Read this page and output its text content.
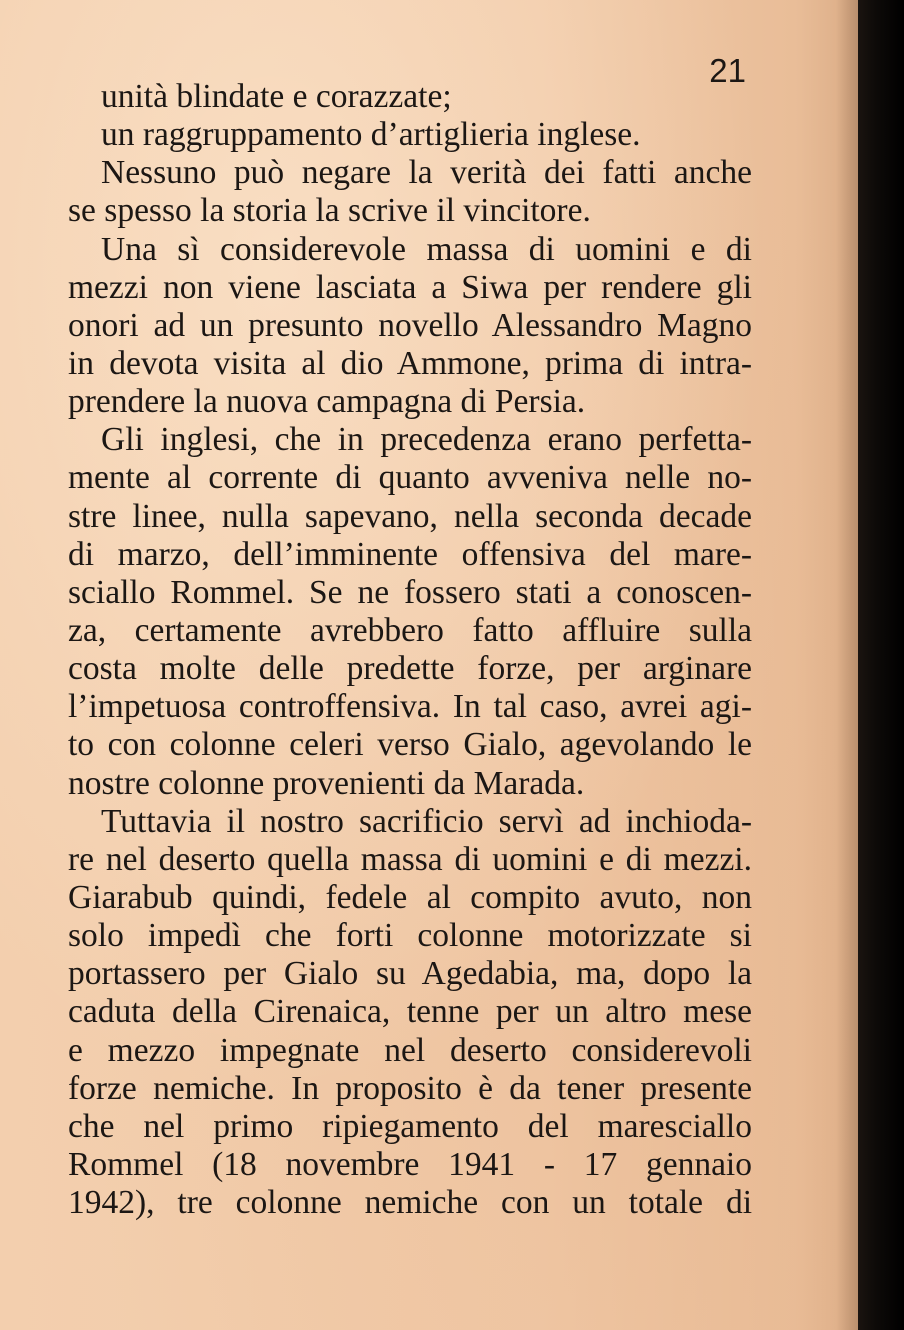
21
unità blindate e corazzate;
un raggruppamento d’artiglieria inglese.
Nessuno può negare la verità dei fatti anche
se spesso la storia la scrive il vincitore.
Una sì considerevole massa di uomini e di
mezzi non viene lasciata a Siwa per rendere gli
onori ad un presunto novello Alessandro Magno
in devota visita al dio Ammone, prima di intra-
prendere la nuova campagna di Persia.
Gli inglesi, che in precedenza erano perfetta-
mente al corrente di quanto avveniva nelle no-
stre linee, nulla sapevano, nella seconda decade
di marzo, dell’imminente offensiva del mare-
sciallo Rommel. Se ne fossero stati a conoscen-
za, certamente avrebbero fatto affluire sulla
costa molte delle predette forze, per arginare
l’impetuosa controffensiva. In tal caso, avrei agi-
to con colonne celeri verso Gialo, agevolando le
nostre colonne provenienti da Marada.
Tuttavia il nostro sacrificio servì ad inchioda-
re nel deserto quella massa di uomini e di mezzi.
Giarabub quindi, fedele al compito avuto, non
solo impedì che forti colonne motorizzate si
portassero per Gialo su Agedabia, ma, dopo la
caduta della Cirenaica, tenne per un altro mese
e mezzo impegnate nel deserto considerevoli
forze nemiche. In proposito è da tener presente
che nel primo ripiegamento del maresciallo
Rommel (18 novembre 1941 - 17 gennaio
1942), tre colonne nemiche con un totale di
